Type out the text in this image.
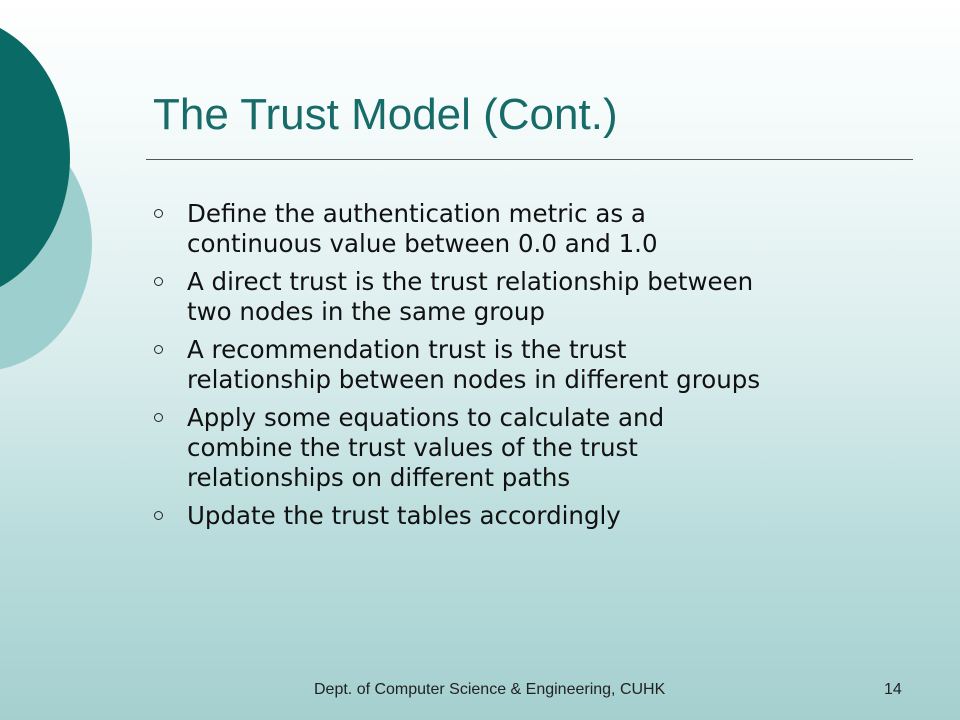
The Trust Model (Cont.)
Define the authentication metric as a continuous value between 0.0 and 1.0
A direct trust is the trust relationship between two nodes in the same group
A recommendation trust is the trust relationship between nodes in different groups
Apply some equations to calculate and combine the trust values of the trust relationships on different paths
Update the trust tables accordingly
Dept. of Computer Science & Engineering, CUHK	14
